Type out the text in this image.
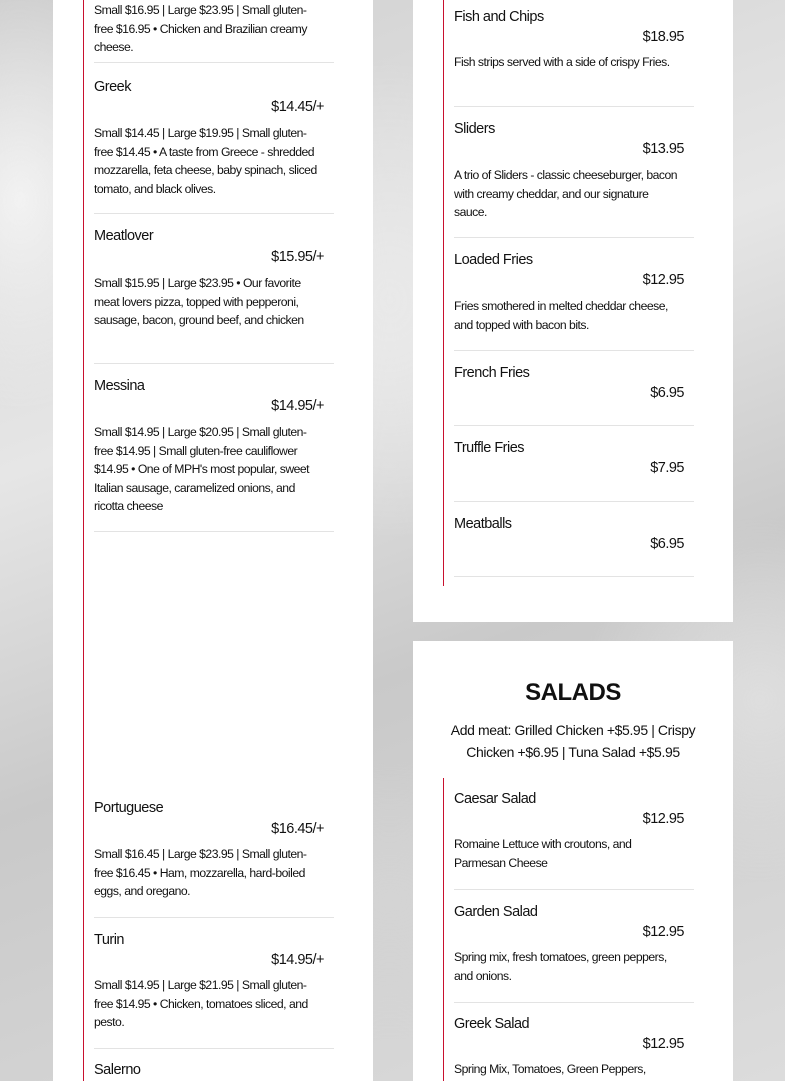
Small $16.95 | Large $23.95 | Small gluten-free $16.95 • Chicken and Brazilian creamy cheese.
Greek
$14.45/+
Small $14.45 | Large $19.95 | Small gluten-free $14.45 • A taste from Greece - shredded mozzarella, feta cheese, baby spinach, sliced tomato, and black olives.
Meatlover
$15.95/+
Small $15.95 | Large $23.95 • Our favorite meat lovers pizza, topped with pepperoni, sausage, bacon, ground beef, and chicken
Messina
$14.95/+
Small $14.95 | Large $20.95 | Small gluten-free $14.95 | Small gluten-free cauliflower $14.95 • One of MPH's most popular, sweet Italian sausage, caramelized onions, and ricotta cheese
Portuguese
$16.45/+
Small $16.45 | Large $23.95 | Small gluten-free $16.45 • Ham, mozzarella, hard-boiled eggs, and oregano.
Turin
$14.95/+
Small $14.95 | Large $21.95 | Small gluten-free $14.95 • Chicken, tomatoes sliced, and pesto.
Salerno
Fish and Chips
$18.95
Fish strips served with a side of crispy Fries.
Sliders
$13.95
A trio of Sliders - classic cheeseburger, bacon with creamy cheddar, and our signature sauce.
Loaded Fries
$12.95
Fries smothered in melted cheddar cheese, and topped with bacon bits.
French Fries
$6.95
Truffle Fries
$7.95
Meatballs
$6.95
SALADS
Add meat: Grilled Chicken +$5.95 | Crispy Chicken +$6.95 | Tuna Salad +$5.95
Caesar Salad
$12.95
Romaine Lettuce with croutons, and Parmesan Cheese
Garden Salad
$12.95
Spring mix, fresh tomatoes, green peppers, and onions.
Greek Salad
$12.95
Spring Mix, Tomatoes, Green Peppers,
